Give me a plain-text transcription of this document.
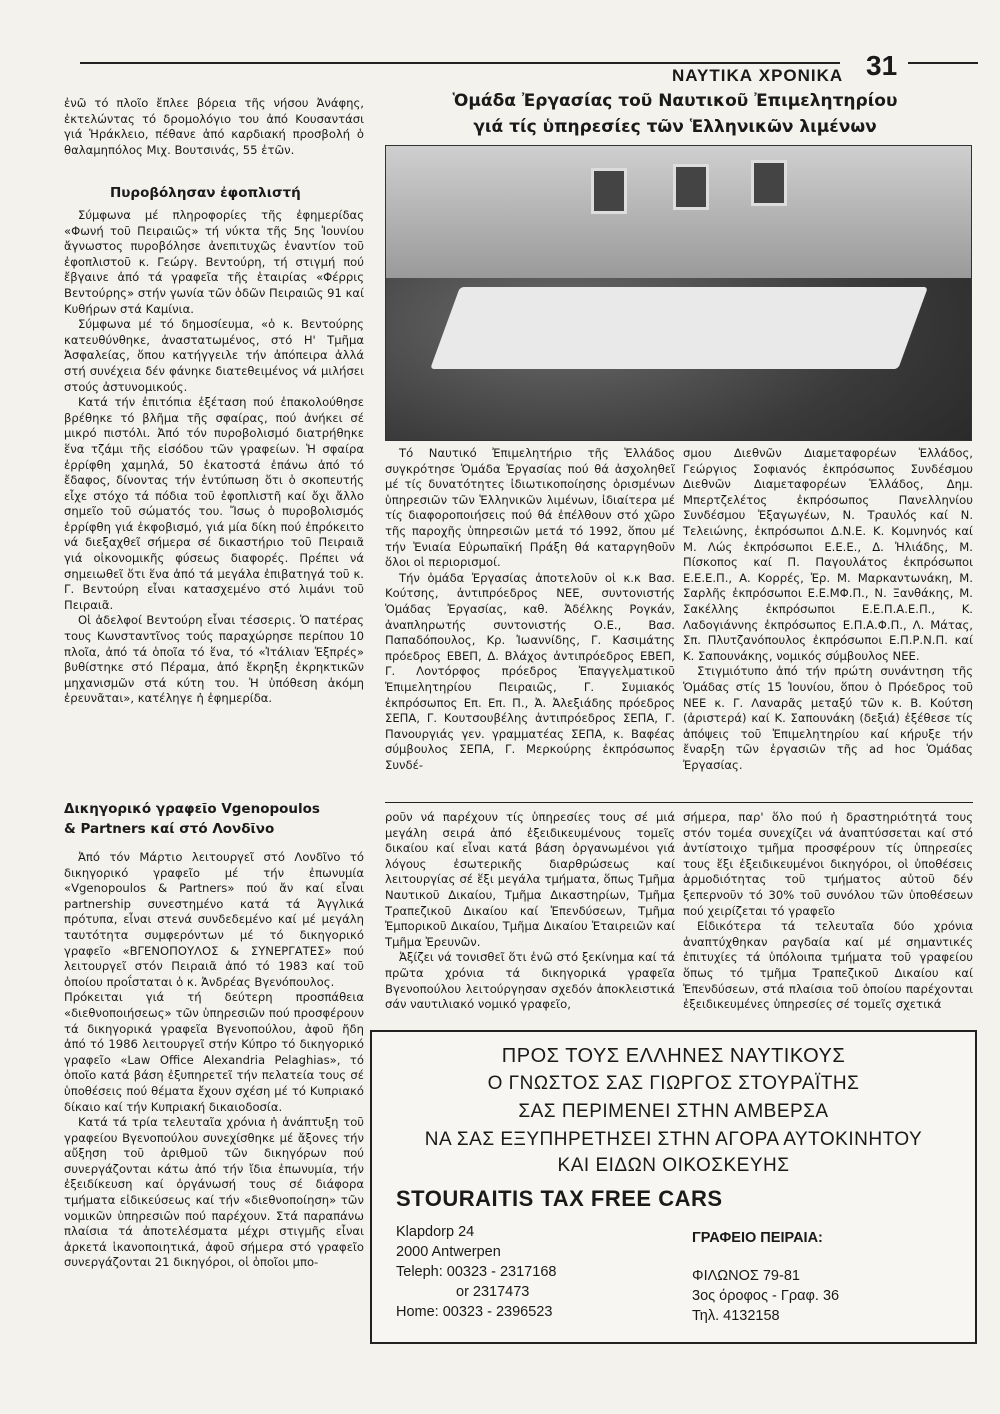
ΝΑΥΤΙΚΑ ΧΡΟΝΙΚΑ 31

ἐνῶ τό πλοῖο ἔπλεε βόρεια τῆς νήσου Ἀνάφης, ἐκτελώντας τό δρομολόγιο του ἀπό Κουσαντάσι γιά Ἡράκλειο, πέθανε ἀπό καρδιακή προσβολή ὁ θαλαμηπόλος Μιχ. Βουτσινάς, 55 ἐτῶν.

Πυροβόλησαν ἐφοπλιστή

Σύμφωνα μέ πληροφορίες τῆς ἐφημερίδας «Φωνή τοῦ Πειραιῶς» τή νύκτα τῆς 5ης Ἰουνίου ἄγνωστος πυροβόλησε ἀνεπιτυχῶς ἐναντίον τοῦ ἐφοπλιστοῦ κ. Γεώργ. Βεντούρη, τή στιγμή πού ἔβγαινε ἀπό τά γραφεῖα τῆς ἑταιρίας «Φέρρις Βεντούρης» στήν γωνία τῶν ὁδῶν Πειραιῶς 91 καί Κυθήρων στά Καμίνια.

Σύμφωνα μέ τό δημοσίευμα, «ὁ κ. Βεντούρης κατευθύνθηκε, ἀναστατωμένος, στό Η' Τμῆμα Ἀσφαλείας, ὅπου κατήγγειλε τήν ἀπόπειρα ἀλλά στή συνέχεια δέν φάνηκε διατεθειμένος νά μιλήσει στούς ἀστυνομικούς.

Κατά τήν ἐπιτόπια ἐξέταση πού ἐπακολούθησε βρέθηκε τό βλῆμα τῆς σφαίρας, πού ἀνήκει σέ μικρό πιστόλι. Ἀπό τόν πυροβολισμό διατρήθηκε ἕνα τζάμι τῆς εἰσόδου τῶν γραφείων. Ἡ σφαίρα ἐρρίφθη χαμηλά, 50 ἑκατοστά ἐπάνω ἀπό τό ἔδαφος, δίνοντας τήν ἐντύπωση ὅτι ὁ σκοπευτής εἶχε στόχο τά πόδια τοῦ ἐφοπλιστῆ καί ὄχι ἄλλο σημεῖο τοῦ σώματός του. Ἴσως ὁ πυροβολισμός ἐρρίφθη γιά ἐκφοβισμό, γιά μία δίκη πού ἐπρόκειτο νά διεξαχθεῖ σήμερα σέ δικαστήριο τοῦ Πειραιᾶ γιά οἰκονομικῆς φύσεως διαφορές. Πρέπει νά σημειωθεῖ ὅτι ἕνα ἀπό τά μεγάλα ἐπιβατηγά τοῦ κ. Γ. Βεντούρη εἶναι κατασχεμένο στό λιμάνι τοῦ Πειραιᾶ.

Οἱ ἀδελφοί Βεντούρη εἶναι τέσσερις. Ὁ πατέρας τους Κωνσταντῖνος τούς παραχώρησε περίπου 10 πλοῖα, ἀπό τά ὁποῖα τό ἕνα, τό «Ἰτάλιαν Ἐξπρές» βυθίστηκε στό Πέραμα, ἀπό ἔκρηξη ἐκρηκτικῶν μηχανισμῶν στά κύτη του. Ἡ ὑπόθεση ἀκόμη ἐρευνᾶται», κατέληγε ἡ ἐφημερίδα.

Δικηγορικό γραφεῖο Vgenopoulos
& Partners καί στό Λονδῖνο

Ἀπό τόν Μάρτιο λειτουργεῖ στό Λονδῖνο τό δικηγορικό γραφεῖο μέ τήν ἐπωνυμία «Vgenopoulos & Partners» πού ἄν καί εἶναι partnership συνεστημένο κατά τά Ἀγγλικά πρότυπα, εἶναι στενά συνδεδεμένο καί μέ μεγάλη ταυτότητα συμφερόντων μέ τό δικηγορικό γραφεῖο «ΒΓΕΝΟΠΟΥΛΟΣ & ΣΥΝΕΡΓΑΤΕΣ» πού λειτουργεῖ στόν Πειραιᾶ ἀπό τό 1983 καί τοῦ ὁποίου προΐσταται ὁ κ. Ἀνδρέας Βγενόπουλος.

Πρόκειται γιά τή δεύτερη προσπάθεια «διεθνοποιήσεως» τῶν ὑπηρεσιῶν πού προσφέρουν τά δικηγορικά γραφεῖα Βγενοπούλου, ἀφοῦ ἤδη ἀπό τό 1986 λειτουργεῖ στήν Κύπρο τό δικηγορικό γραφεῖο «Law Office Alexandria Pelaghias», τό ὁποῖο κατά βάση ἐξυπηρετεῖ τήν πελατεία τους σέ ὑποθέσεις πού θέματα ἔχουν σχέση μέ τό Κυπριακό δίκαιο καί τήν Κυπριακή δικαιοδοσία.

Κατά τά τρία τελευταῖα χρόνια ἡ ἀνάπτυξη τοῦ γραφείου Βγενοπούλου συνεχίσθηκε μέ ἄξονες τήν αὔξηση τοῦ ἀριθμοῦ τῶν δικηγόρων πού συνεργάζονται κάτω ἀπό τήν ἴδια ἐπωνυμία, τήν ἐξειδίκευση καί ὀργάνωσή τους σέ διάφορα τμήματα εἰδικεύσεως καί τήν «διεθνοποίηση» τῶν νομικῶν ὑπηρεσιῶν πού παρέχουν. Στά παραπάνω πλαίσια τά ἀποτελέσματα μέχρι στιγμῆς εἶναι ἀρκετά ἱκανοποιητικά, ἀφοῦ σήμερα στό γραφεῖο συνεργάζονται 21 δικηγόροι, οἱ ὁποῖοι μπο-

Ὁμάδα Ἐργασίας τοῦ Ναυτικοῦ Ἐπιμελητηρίου
γιά τίς ὑπηρεσίες τῶν Ἑλληνικῶν λιμένων

Τό Ναυτικό Ἐπιμελητήριο τῆς Ἑλλάδος συγκρότησε Ὁμάδα Ἐργασίας πού θά ἀσχοληθεῖ μέ τίς δυνατότητες ἰδιωτικοποίησης ὁρισμένων ὑπηρεσιῶν τῶν Ἑλληνικῶν λιμένων, ἰδιαίτερα μέ τίς διαφοροποιήσεις πού θά ἐπέλθουν στό χῶρο τῆς παροχῆς ὑπηρεσιῶν μετά τό 1992, ὅπου μέ τήν Ἑνιαία Εὐρωπαϊκή Πράξη θά καταργηθοῦν ὅλοι οἱ περιορισμοί.

Τήν ὁμάδα Ἐργασίας ἀποτελοῦν οἱ κ.κ Βασ. Κούτσης, ἀντιπρόεδρος ΝΕΕ, συντονιστής Ὁμάδας Ἐργασίας, καθ. Ἀδέλκης Ρογκάν, ἀναπληρωτής συντονιστής Ο.Ε., Βασ. Παπαδόπουλος, Κρ. Ἰωαννίδης, Γ. Κασιμάτης πρόεδρος ΕΒΕΠ, Δ. Βλάχος ἀντιπρόεδρος ΕΒΕΠ, Γ. Λοντόρφος πρόεδρος Ἐπαγγελματικοῦ Ἐπιμελητηρίου Πειραιῶς, Γ. Συμιακός ἐκπρόσωπος Επ. Επ. Π., Ἀ. Ἀλεξιάδης πρόεδρος ΣΕΠΑ, Γ. Κουτσουβέλης ἀντιπρόεδρος ΣΕΠΑ, Γ. Πανουργιάς γεν. γραμματέας ΣΕΠΑ, κ. Βαφέας σύμβουλος ΣΕΠΑ, Γ. Μερκούρης ἐκπρόσωπος Συνδέ-

σμου Διεθνῶν Διαμεταφορέων Ἑλλάδος, Γεώργιος Σοφιανός ἐκπρόσωπος Συνδέσμου Διεθνῶν Διαμεταφορέων Ἑλλάδος, Δημ. Μπερτζελέτος ἐκπρόσωπος Πανελληνίου Συνδέσμου Ἐξαγωγέων, Ν. Τραυλός καί Ν. Τελειώνης, ἐκπρόσωποι Δ.Ν.Ε. Κ. Κομνηνός καί Μ. Λώς ἐκπρόσωποι Ε.Ε.Ε., Δ. Ἠλιάδης, Μ. Πίσκοπος καί Π. Παγουλάτος ἐκπρόσωποι Ε.Ε.Ε.Π., Α. Κορρές, Ἐρ. Μ. Μαρκαντωνάκη, Μ. Σαρλῆς ἐκπρόσωποι Ε.Ε.ΜΦ.Π., Ν. Ξανθάκης, Μ. Σακέλλης ἐκπρόσωποι Ε.Ε.Π.Α.Ε.Π., Κ. Λαδογιάννης ἐκπρόσωπος Ε.Π.Α.Φ.Π., Λ. Μάτας, Σπ. Πλυτζανόπουλος ἐκπρόσωποι Ε.Π.Ρ.Ν.Π. καί Κ. Σαπουνάκης, νομικός σύμβουλος ΝΕΕ.

Στιγμιότυπο ἀπό τήν πρώτη συνάντηση τῆς Ὁμάδας στίς 15 Ἰουνίου, ὅπου ὁ Πρόεδρος τοῦ ΝΕΕ κ. Γ. Λαναρᾶς μεταξύ τῶν κ. Β. Κούτση (ἀριστερά) καί Κ. Σαπουνάκη (δεξιά) ἐξέθεσε τίς ἀπόψεις τοῦ Ἐπιμελητηρίου καί κήρυξε τήν ἔναρξη τῶν ἐργασιῶν τῆς ad hoc Ὁμάδας Ἐργασίας.

ροῦν νά παρέχουν τίς ὑπηρεσίες τους σέ μιά μεγάλη σειρά ἀπό ἐξειδικευμένους τομεῖς δικαίου καί εἶναι κατά βάση ὀργανωμένοι γιά λόγους ἐσωτερικῆς διαρθρώσεως καί λειτουργίας σέ ἕξι μεγάλα τμήματα, ὅπως Τμῆμα Ναυτικοῦ Δικαίου, Τμῆμα Δικαστηρίων, Τμῆμα Τραπεζικοῦ Δικαίου καί Ἐπενδύσεων, Τμῆμα Ἐμπορικοῦ Δικαίου, Τμῆμα Δικαίου Ἑταιρειῶν καί Τμῆμα Ἐρευνῶν.

Ἀξίζει νά τονισθεῖ ὅτι ἐνῶ στό ξεκίνημα καί τά πρῶτα χρόνια τά δικηγορικά γραφεῖα Βγενοπούλου λειτούργησαν σχεδόν ἀποκλειστικά σάν ναυτιλιακό νομικό γραφεῖο,

σήμερα, παρ' ὅλο πού ἡ δραστηριότητά τους στόν τομέα συνεχίζει νά ἀναπτύσσεται καί στό ἀντίστοιχο τμῆμα προσφέρουν τίς ὑπηρεσίες τους ἕξι ἐξειδικευμένοι δικηγόροι, οἱ ὑποθέσεις ἁρμοδιότητας τοῦ τμήματος αὐτοῦ δέν ξεπερνοῦν τό 30% τοῦ συνόλου τῶν ὑποθέσεων πού χειρίζεται τό γραφεῖο

Εἰδικότερα τά τελευταῖα δύο χρόνια ἀναπτύχθηκαν ραγδαία καί μέ σημαντικές ἐπιτυχίες τά ὑπόλοιπα τμήματα τοῦ γραφείου ὅπως τό τμῆμα Τραπεζικοῦ Δικαίου καί Ἐπενδύσεων, στά πλαίσια τοῦ ὁποίου παρέχονται ἐξειδικευμένες ὑπηρεσίες σέ τομεῖς σχετικά

ΠΡΟΣ ΤΟΥΣ ΕΛΛΗΝΕΣ ΝΑΥΤΙΚΟΥΣ
Ο ΓΝΩΣΤΟΣ ΣΑΣ ΓΙΩΡΓΟΣ ΣΤΟΥΡΑΪΤΗΣ
ΣΑΣ ΠΕΡΙΜΕΝΕΙ ΣΤΗΝ ΑΜΒΕΡΣΑ
ΝΑ ΣΑΣ ΕΞΥΠΗΡΕΤΗΣΕΙ ΣΤΗΝ ΑΓΟΡΑ ΑΥΤΟΚΙΝΗΤΟΥ
ΚΑΙ ΕΙΔΩΝ ΟΙΚΟΣΚΕΥΗΣ
STOURAITIS TAX FREE CARS
Klapdorp 24
2000 Antwerpen
Teleph: 00323 - 2317168
or 2317473
Home: 00323 - 2396523
ΓΡΑΦΕΙΟ ΠΕΙΡΑΙΑ:
ΦΙΛΩΝΟΣ 79-81
3ος όροφος - Γραφ. 36
Τηλ. 4132158
